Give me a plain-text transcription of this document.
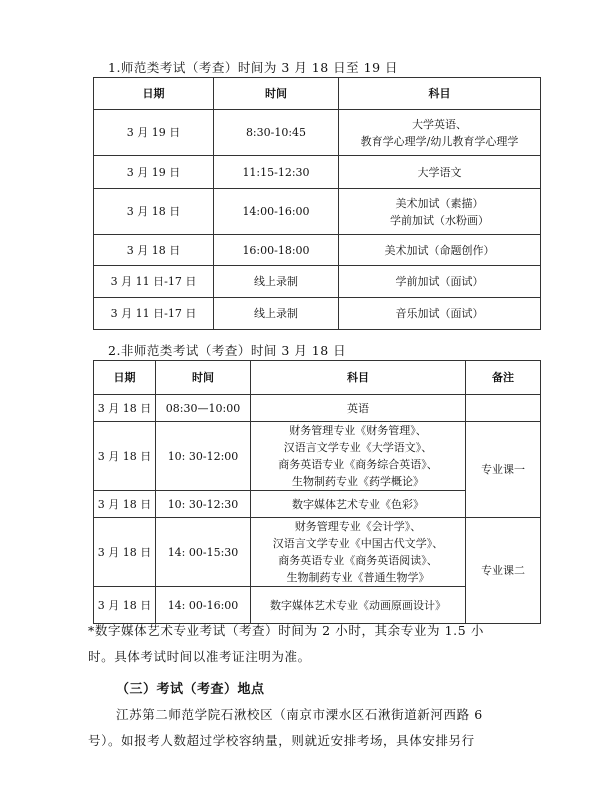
1.师范类考试（考查）时间为 3 月 18 日至 19 日
日期	时间	科目
3 月 19 日	8:30-10:45	大学英语、
教育学心理学/幼儿教育学心理学

3 月 19 日	11:15-12:30	大学语文

3 月 18 日	14:00-16:00	美术加试（素描）
学前加试（水粉画）

3 月 18 日	16:00-18:00	美术加试（命题创作）

3 月 11 日-17 日	线上录制	学前加试（面试）

3 月 11 日-17 日	线上录制	音乐加试（面试）
2.非师范类考试（考查）时间 3 月 18 日
日期	时间	科目	备注
3 月 18 日	08:30—10:00	英语	

3 月 18 日	10: 30-12:00	财务管理专业《财务管理》、
汉语言文学专业《大学语文》、
商务英语专业《商务综合英语》、
生物制药专业《药学概论》	专业课一
3 月 18 日	10: 30-12:30	数字媒体艺术专业《色彩》	

3 月 18 日	14: 00-15:30	财务管理专业《会计学》、
汉语言文学专业《中国古代文学》、
商务英语专业《商务英语阅读》、
生物制药专业《普通生物学》	专业课二
3 月 18 日	14: 00-16:00	数字媒体艺术专业《动画原画设计》	
*数字媒体艺术专业考试（考查）时间为 2 小时，其余专业为 1.5 小
时。具体考试时间以准考证注明为准。
（三）考试（考查）地点
江苏第二师范学院石湫校区（南京市溧水区石湫街道新河西路 6
号）。如报考人数超过学校容纳量，则就近安排考场，具体安排另行
